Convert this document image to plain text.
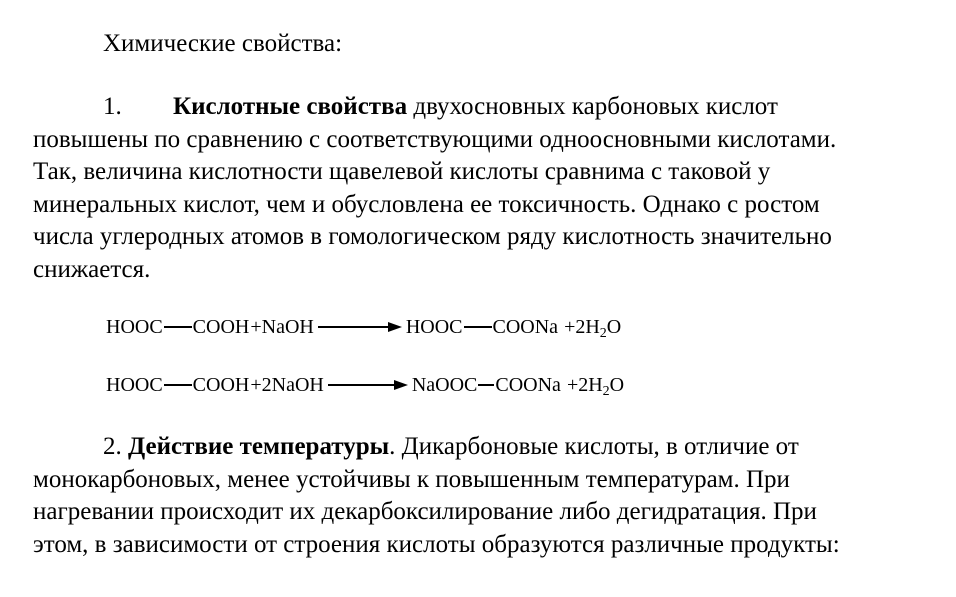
Химические свойства:
1. Кислотные свойства двухосновных карбоновых кислот
повышены по сравнению с соответствующими одноосновными кислотами.
Так, величина кислотности щавелевой кислоты сравнима с таковой у
минеральных кислот, чем и обусловлена ее токсичность. Однако с ростом
числа углеродных атомов в гомологическом ряду кислотность значительно
снижается.
HOOC COOH +NaOH	HOOC COONa $+2H_2O$
HOOC COOH +2NaOH → NaOOC COONa $+2H_2O$
2. Действие температуры. Дикарбоновые кислоты, в отличие от
монокарбоновых, менее устойчивы к повышенным температурам. При
нагревании происходит их декарбоксилирование либо дегидратация. При
этом, в зависимости от строения кислоты образуются различные продукты:
